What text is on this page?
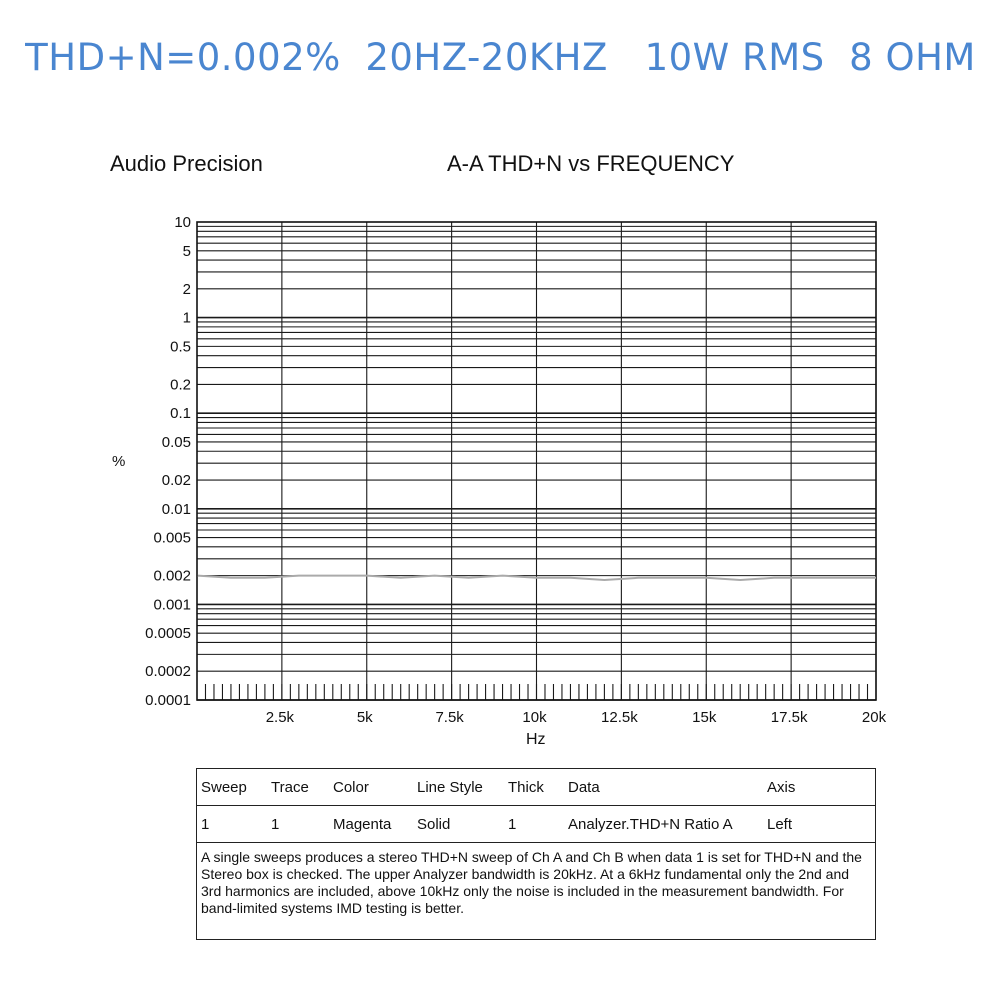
THD+N=0.002%  20HZ-20KHZ   10W RMS  8 OHM
Audio Precision	A-A THD+N vs FREQUENCY
%
Hz
10
5
2
1
0.5
0.2
0.1
0.05
0.02
0.01
0.005
0.002
0.001
0.0005
0.0002
0.0001
2.5k	5k	7.5k	10k	12.5k	15k	17.5k	20k
Sweep	Trace	Color	Line Style	Thick	Data	Axis
1	1	Magenta	Solid	1	Analyzer.THD+N Ratio A	Left
A single sweeps produces a stereo THD+N sweep of Ch A and Ch B when data 1 is set for THD+N and the Stereo box is checked. The upper Analyzer bandwidth is 20kHz. At a 6kHz fundamental only the 2nd and 3rd harmonics are included, above 10kHz only the noise is included in the measurement bandwidth. For band-limited systems IMD testing is better.
